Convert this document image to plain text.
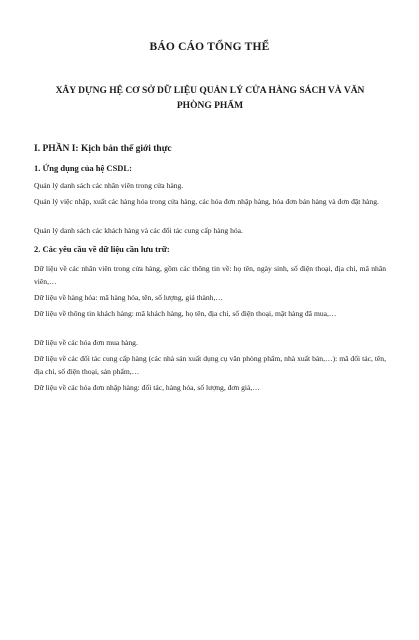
BÁO CÁO TỔNG THỂ
XÂY DỰNG HỆ CƠ SỞ DỮ LIỆU QUẢN LÝ CỬA HÀNG SÁCH VÀ VĂN PHÒNG PHẨM
I. PHẦN I: Kịch bản thế giới thực
1. Ứng dụng của hệ CSDL:
Quản lý danh sách các nhân viên trong cửa hàng.
Quản lý việc nhập, xuất các hàng hóa trong cửa hàng, các hóa đơn nhập hàng, hóa đơn bán hàng và đơn đặt hàng.
Quản lý danh sách các khách hàng và các đối tác cung cấp hàng hóa.
2. Các yêu cầu về dữ liệu cần lưu trữ:
Dữ liệu về các nhân viên trong cửa hàng, gồm các thông tin về: họ tên, ngày sinh, số điện thoại, địa chỉ, mã nhân viên,…
Dữ liệu về hàng hóa: mã hàng hóa, tên, số lượng, giá thành,…
Dữ liệu về thông tin khách hàng: mã khách hàng, họ tên, địa chỉ, số điện thoại, mặt hàng đã mua,…
Dữ liệu về các hóa đơn mua hàng.
Dữ liệu về các đối tác cung cấp hàng (các nhà sản xuất dụng cụ văn phòng phẩm, nhà xuất bản,…): mã đối tác, tên, địa chỉ, số điện thoại, sản phẩm,…
Dữ liệu về các hóa đơn nhập hàng: đối tác, hàng hóa, số lượng, đơn giá,…
